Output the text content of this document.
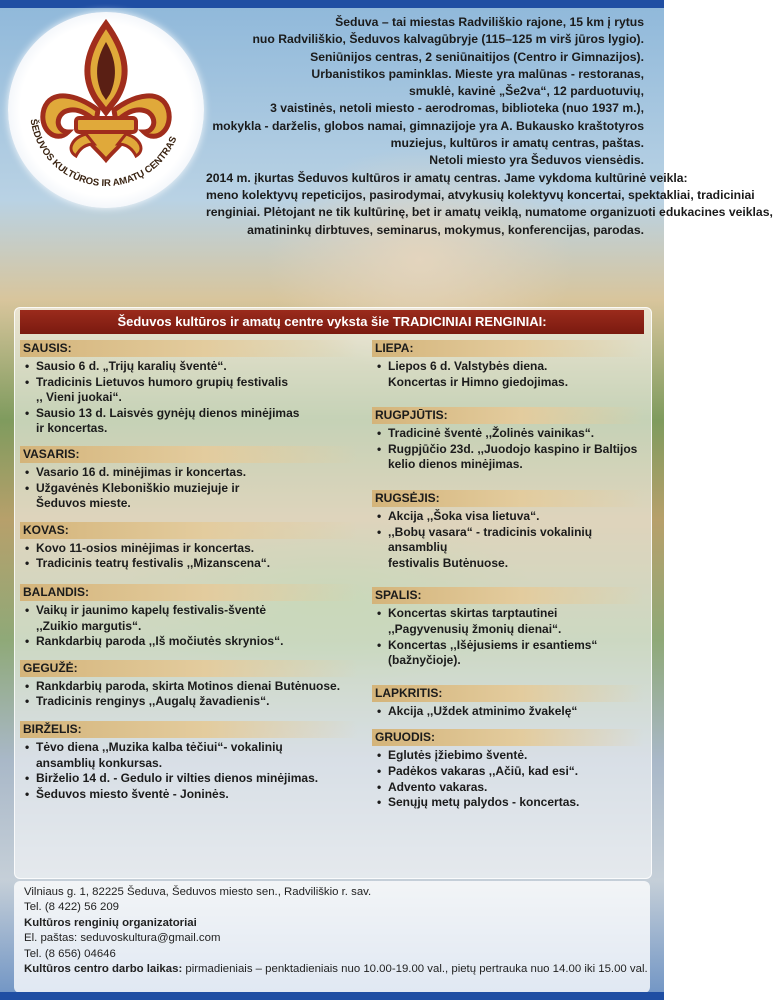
ŠEDUVOS KULTŪROS IR AMATŲ CENTRAS
Šeduva – tai miestas Radviliškio rajone, 15 km į rytus
nuo Radviliškio, Šeduvos kalvagūbryje (115–125 m virš jūros lygio).
Seniūnijos centras, 2 seniūnaitijos (Centro ir Gimnazijos).
Urbanistikos paminklas. Mieste yra malūnas - restoranas,
smuklė, kavinė „Še2va“, 12 parduotuvių,
3 vaistinės, netoli miesto - aerodromas, biblioteka (nuo 1937 m.),
mokykla - darželis, globos namai, gimnazijoje yra A. Bukausko kraštotyros
muziejus, kultūros ir amatų centras, paštas.
Netoli miesto yra Šeduvos viensėdis.
2014 m. įkurtas Šeduvos kultūros ir amatų centras. Jame vykdoma kultūrinė veikla:
meno kolektyvų repeticijos, pasirodymai, atvykusių kolektyvų koncertai, spektakliai, tradiciniai
renginiai. Plėtojant ne tik kultūrinę, bet ir amatų veiklą, numatome organizuoti edukacines veiklas,
amatininkų dirbtuves, seminarus, mokymus, konferencijas, parodas.
Šeduvos kultūros ir amatų centre vyksta šie TRADICINIAI RENGINIAI:
SAUSIS:
• Sausio 6 d. „Trijų karalių šventė“.
• Tradicinis Lietuvos humoro grupių festivalis
,, Vieni juokai“.
• Sausio 13 d. Laisvės gynėjų dienos minėjimas
ir koncertas.
VASARIS:
• Vasario 16 d. minėjimas ir koncertas.
• Užgavėnės Kleboniškio muziejuje ir
Šeduvos mieste.
KOVAS:
• Kovo 11-osios minėjimas ir koncertas.
• Tradicinis teatrų festivalis ,,Mizanscena“.
BALANDIS:
• Vaikų ir jaunimo kapelų festivalis-šventė
,,Zuikio margutis“.
• Rankdarbių paroda ,,Iš močiutės skrynios“.
GEGUŽĖ:
• Rankdarbių paroda, skirta Motinos dienai Butėnuose.
• Tradicinis renginys ,,Augalų žavadienis“.
BIRŽELIS:
• Tėvo diena ,,Muzika kalba tėčiui“- vokalinių
ansamblių konkursas.
• Birželio 14 d. - Gedulo ir vilties dienos minėjimas.
• Šeduvos miesto šventė - Joninės.
LIEPA:
• Liepos 6 d. Valstybės diena.
Koncertas ir Himno giedojimas.
RUGPJŪTIS:
• Tradicinė šventė ,,Žolinės vainikas“.
• Rugpjūčio 23d. ,,Juodojo kaspino ir Baltijos
kelio dienos minėjimas.
RUGSĖJIS:
• Akcija ,,Šoka visa lietuva“.
• ,,Bobų vasara“ - tradicinis vokalinių ansamblių
festivalis Butėnuose.
SPALIS:
• Koncertas skirtas tarptautinei
,,Pagyvenusių žmonių dienai“.
• Koncertas ,,Išėjusiems ir esantiems“
(bažnyčioje).
LAPKRITIS:
• Akcija ,,Uždek atminimo žvakelę“
GRUODIS:
• Eglutės įžiebimo šventė.
• Padėkos vakaras ,,Ačiū, kad esi“.
• Advento vakaras.
• Senųjų metų palydos - koncertas.
Vilniaus g. 1, 82225 Šeduva, Šeduvos miesto sen., Radviliškio r. sav.
Tel. (8 422) 56 209
Kultūros renginių organizatoriai
El. paštas: seduvoskultura@gmail.com
Tel. (8 656) 04646
Kultūros centro darbo laikas: pirmadieniais – penktadieniais nuo 10.00-19.00 val., pietų pertrauka nuo 14.00 iki 15.00 val.
